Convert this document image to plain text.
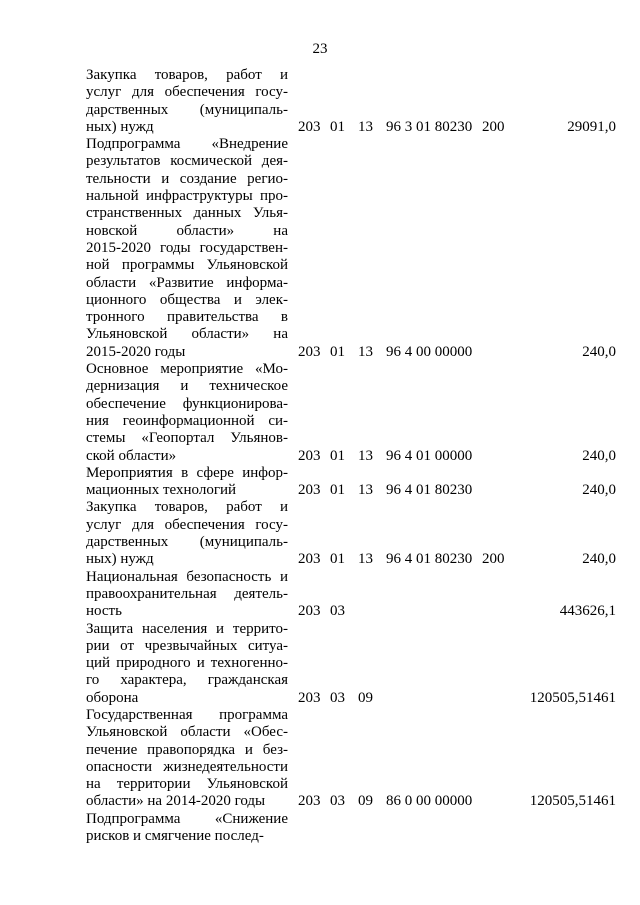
23
Закупка товаров, работ и
услуг для обеспечения госу-
дарственных (муниципаль-
ных) нужд	203 01 13 96 3 01 80230 200	29091,0
Подпрограмма «Внедрение
результатов космической дея-
тельности и создание регио-
нальной инфраструктуры про-
странственных данных Улья-
новской области» на
2015-2020 годы государствен-
ной программы Ульяновской
области «Развитие информа-
ционного общества и элек-
тронного правительства в
Ульяновской области» на
2015-2020 годы	203 01 13 96 4 00 00000	240,0
Основное мероприятие «Мо-
дернизация и техническое
обеспечение функционирова-
ния геоинформационной си-
стемы «Геопортал Ульянов-
ской области»	203 01 13 96 4 01 00000	240,0
Мероприятия в сфере инфор-
мационных технологий	203 01 13 96 4 01 80230	240,0
Закупка товаров, работ и
услуг для обеспечения госу-
дарственных (муниципаль-
ных) нужд	203 01 13 96 4 01 80230 200	240,0
Национальная безопасность и
правоохранительная деятель-
ность	203 03	443626,1
Защита населения и террито-
рии от чрезвычайных ситуа-
ций природного и техногенно-
го характера, гражданская
оборона	203 03 09	120505,51461
Государственная программа
Ульяновской области «Обес-
печение правопорядка и без-
опасности жизнедеятельности
на территории Ульяновской
области» на 2014-2020 годы	203 03 09 86 0 00 00000	120505,51461
Подпрограмма «Снижение
рисков и смягчение послед-
